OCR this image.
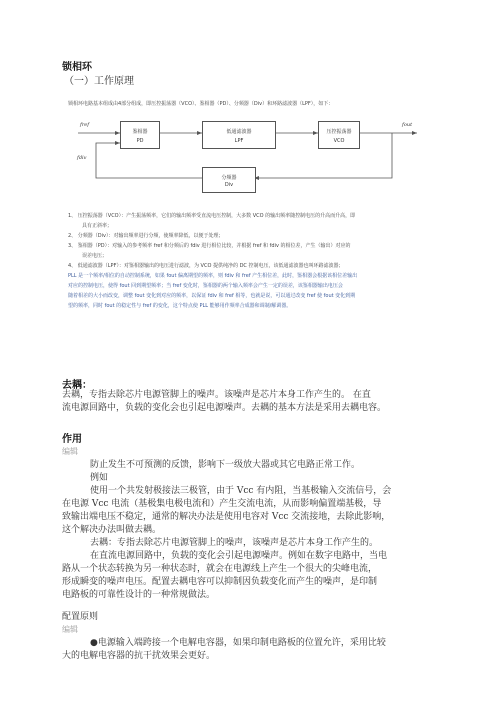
锁相环
（一）工作原理
锁相环电路基本组成由4部分组成，即压控振荡器（VCO）、鉴相器（PD）、分频器（Div）和环路滤波器（LPF），如下：
fref	fout
fdiv
鉴相器
PD
低通滤波器
LPF
压控振荡器
VCO
分频器
Div
1、 压控振荡器（VCO）：产生振荡频率，它们的输出频率受直流电压控制，大多数 VCO 的输出频率随控制电压的升高而升高，即
具有正斜率；
2、 分频器（Div）：对输出频率进行分频，使频率降低，以便于处理；
3、 鉴相器（PD）：对输入的参考频率 fref 和分频后的 fdiv 进行相位比较，并根据 fref 和 fdiv 的相位差，产生（输出）对应的
误差电压；
4、 低通滤波器（LPF）：对鉴相器输出的电压进行滤波，为 VCO 提供纯净的 DC 控制电压，该低通滤波器也叫环路滤波器；
PLL 是一个频率/相位的自动控制系统，如果 fout 偏离期望的频率，则 fdiv 和 fref 产生相位差，此时，鉴相器会根据该相位差输出
对应的控制电压，使得 fout 回到期望频率；当 fref 变化时，鉴相器的两个输入频率会产生一定的误差，该鉴相器输出电压会
随着相差的大小而改变，调整 fout 变化到对应的频率，以保证 fdiv 和 fref 相等，也就是说，可以通过改变 fref 使 fout 变化到期
望的频率，同时 fout 的稳定性与 fref 的变化，这个特点使 PLL 能够用作频率合成器和调制/解调器。
去耦：
去耦，专指去除芯片电源管脚上的噪声。该噪声是芯片本身工作产生的。 在直
流电源回路中，负载的变化会也引起电源噪声。去耦的基本方法是采用去耦电容。
作用
编辑
防止发生不可预测的反馈，影响下一级放大器或其它电路正常工作。
例如
使用一个共发射极接法三极管，由于 Vcc 有内阻，当基极输入交流信号，会
在电源 Vcc 电流（基极集电极电流和）产生交流电流，从而影响偏置端基极，导
致输出端电压不稳定，通常的解决办法是使用电容对 Vcc 交流接地，去除此影响，
这个解决办法叫做去耦。
去耦：专指去除芯片电源管脚上的噪声，该噪声是芯片本身工作产生的。
在直流电源回路中，负载的变化会引起电源噪声。例如在数字电路中，当电
路从一个状态转换为另一种状态时，就会在电源线上产生一个很大的尖峰电流，
形成瞬变的噪声电压。配置去耦电容可以抑制因负载变化而产生的噪声，是印制
电路板的可靠性设计的一种常规做法。
配置原则
编辑
●电源输入端跨接一个电解电容器，如果印制电路板的位置允许，采用比较
大的电解电容器的抗干扰效果会更好。
